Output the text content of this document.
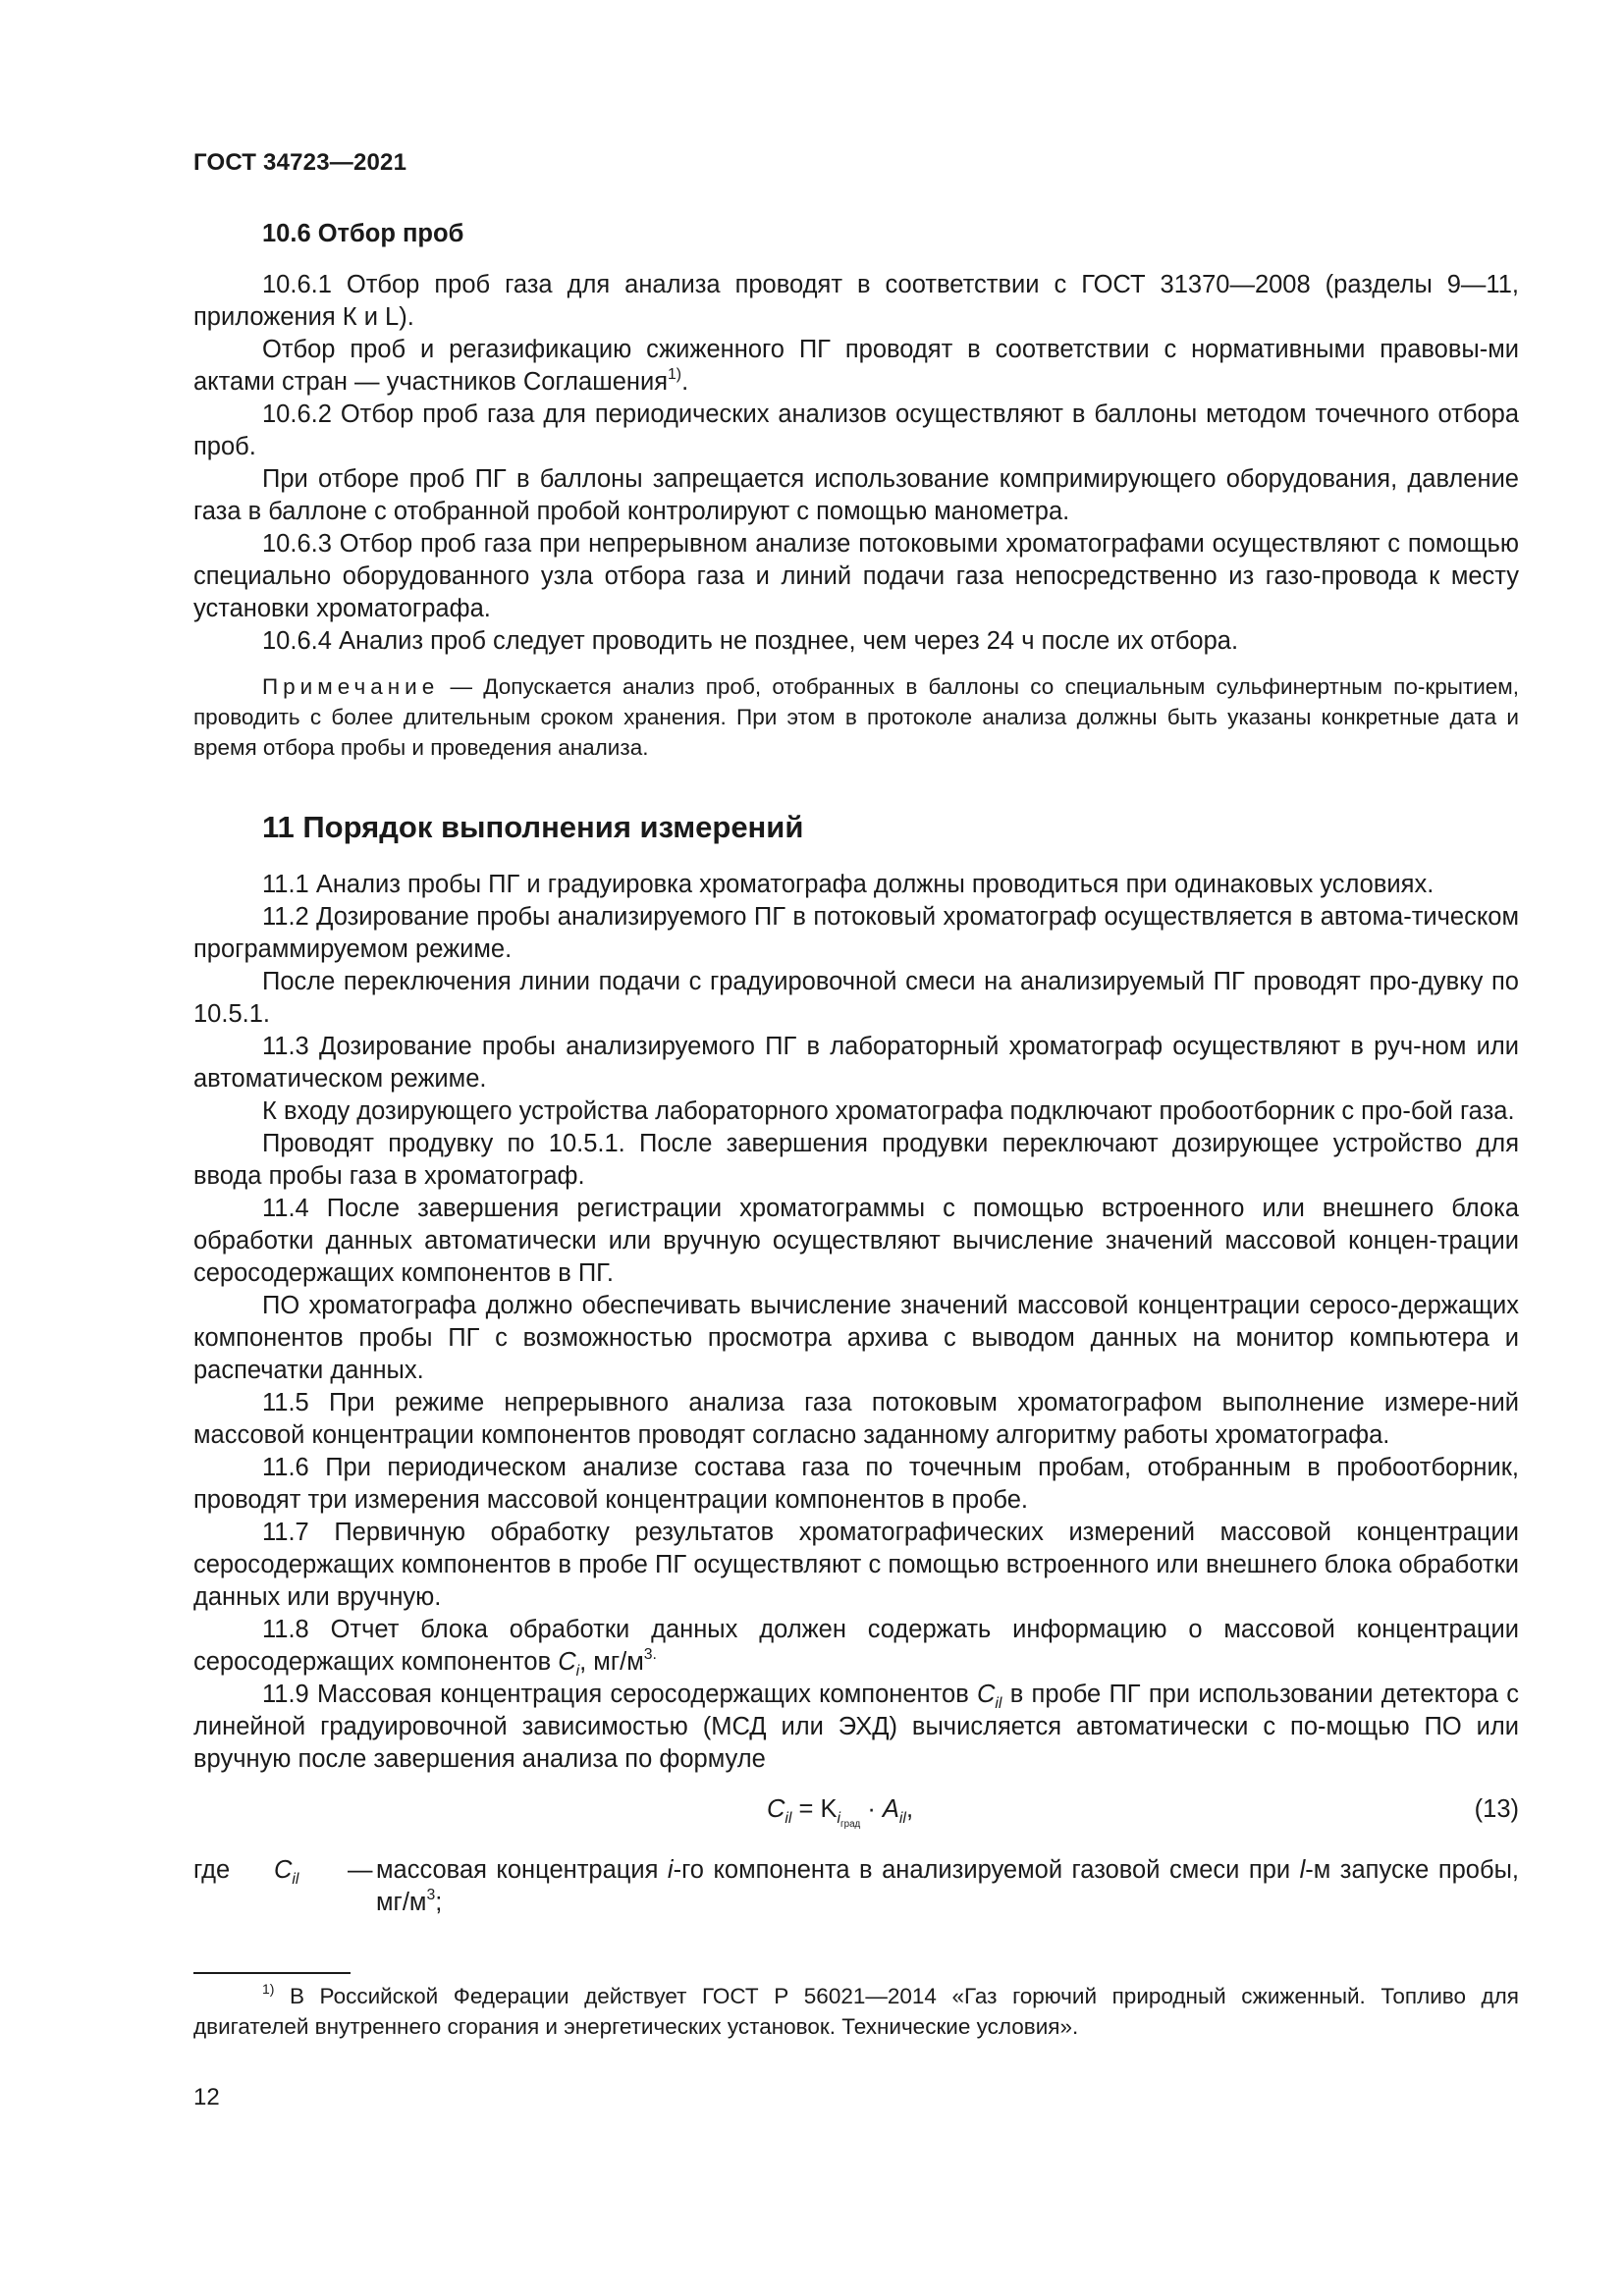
ГОСТ 34723—2021
10.6 Отбор проб

10.6.1 Отбор проб газа для анализа проводят в соответствии с ГОСТ 31370—2008 (разделы 9—11, приложения К и L).

Отбор проб и регазификацию сжиженного ПГ проводят в соответствии с нормативными правовы-ми актами стран — участников Соглашения$^{1)}$.

10.6.2 Отбор проб газа для периодических анализов осуществляют в баллоны методом точечного отбора проб.

При отборе проб ПГ в баллоны запрещается использование компримирующего оборудования, давление газа в баллоне с отобранной пробой контролируют с помощью манометра.

10.6.3 Отбор проб газа при непрерывном анализе потоковыми хроматографами осуществляют с помощью специально оборудованного узла отбора газа и линий подачи газа непосредственно из газо-провода к месту установки хроматографа.

10.6.4 Анализ проб следует проводить не позднее, чем через 24 ч после их отбора.

Примечание — Допускается анализ проб, отобранных в баллоны со специальным сульфинертным по-крытием, проводить с более длительным сроком хранения. При этом в протоколе анализа должны быть указаны конкретные дата и время отбора пробы и проведения анализа.
11 Порядок выполнения измерений

11.1 Анализ пробы ПГ и градуировка хроматографа должны проводиться при одинаковых условиях.

11.2 Дозирование пробы анализируемого ПГ в потоковый хроматограф осуществляется в автома-тическом программируемом режиме.

После переключения линии подачи с градуировочной смеси на анализируемый ПГ проводят про-дувку по 10.5.1.

11.3 Дозирование пробы анализируемого ПГ в лабораторный хроматограф осуществляют в руч-ном или автоматическом режиме.

К входу дозирующего устройства лабораторного хроматографа подключают пробоотборник с про-бой газа.

Проводят продувку по 10.5.1. После завершения продувки переключают дозирующее устройство для ввода пробы газа в хроматограф.

11.4 После завершения регистрации хроматограммы с помощью встроенного или внешнего блока обработки данных автоматически или вручную осуществляют вычисление значений массовой концен-трации серосодержащих компонентов в ПГ.

ПО хроматографа должно обеспечивать вычисление значений массовой концентрации серосо-держащих компонентов пробы ПГ с возможностью просмотра архива с выводом данных на монитор компьютера и распечатки данных.

11.5 При режиме непрерывного анализа газа потоковым хроматографом выполнение измере-ний массовой концентрации компонентов проводят согласно заданному алгоритму работы хроматографа.

11.6 При периодическом анализе состава газа по точечным пробам, отобранным в пробоотборник, проводят три измерения массовой концентрации компонентов в пробе.

11.7 Первичную обработку результатов хроматографических измерений массовой концентрации серосодержащих компонентов в пробе ПГ осуществляют с помощью встроенного или внешнего блока обработки данных или вручную.

11.8 Отчет блока обработки данных должен содержать информацию о массовой концентрации серосодержащих компонентов $C_i$, $мг/м^{3.}$

11.9 Массовая концентрация серосодержащих компонентов $C_{il}$ в пробе ПГ при использовании детектора с линейной градуировочной зависимостью (МСД или ЭХД) вычисляется автоматически с по-мощью ПО или вручную после завершения анализа по формуле

$C_{il} = K_{i_{град}} \cdot A_{il}$,	(13)
где	$C_{il}$	— массовая концентрация i-го компонента в анализируемой газовой смеси при l-м запуске пробы, $мг/м^3$;
$^{1)}$ В Российской Федерации действует ГОСТ Р 56021—2014 «Газ горючий природный сжиженный. Топливо для двигателей внутреннего сгорания и энергетических установок. Технические условия».
12
